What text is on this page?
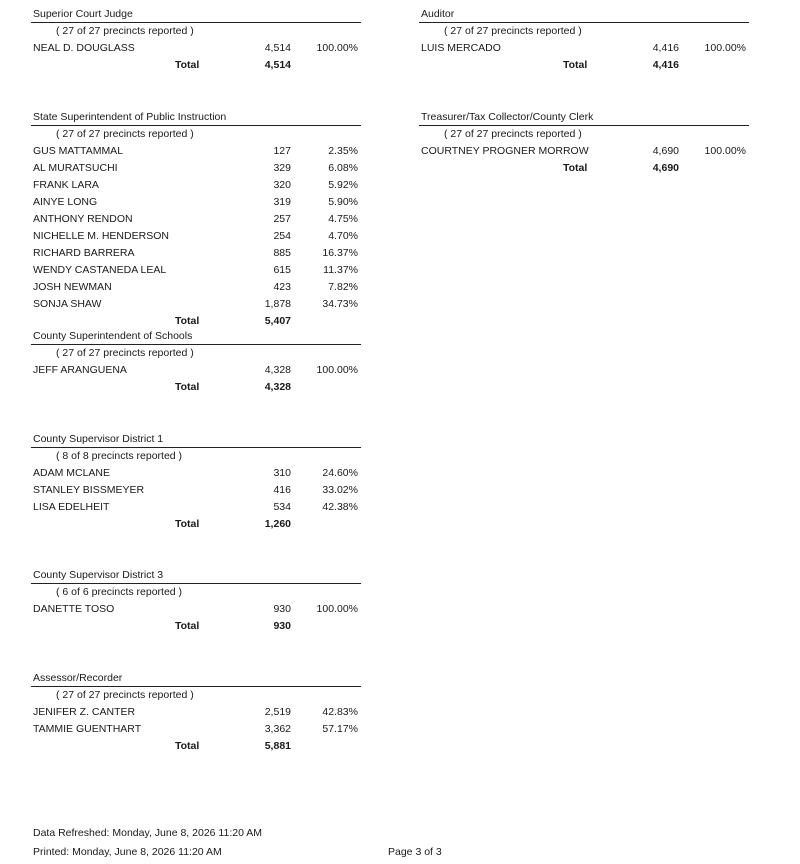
Superior Court Judge
( 27 of 27 precincts reported )
NEAL D. DOUGLASS	4,514 100.00%
Total	4,514
State Superintendent of Public Instruction
( 27 of 27 precincts reported )
GUS MATTAMMAL	127	2.35%
AL MURATSUCHI	329	6.08%
FRANK LARA	320	5.92%
AINYE LONG	319	5.90%
ANTHONY RENDON	257	4.75%
NICHELLE M. HENDERSON	254	4.70%
RICHARD BARRERA	885	16.37%
WENDY CASTANEDA LEAL	615	11.37%
JOSH NEWMAN	423	7.82%
SONJA SHAW	1,878	34.73%
Total	5,407
County Superintendent of Schools
( 27 of 27 precincts reported )
JEFF ARANGUENA	4,328 100.00%
Total	4,328
County Supervisor District 1
( 8 of 8 precincts reported )
ADAM MCLANE	310	24.60%
STANLEY BISSMEYER	416	33.02%
LISA EDELHEIT	534	42.38%
Total	1,260
County Supervisor District 3
( 6 of 6 precincts reported )
DANETTE TOSO	930 100.00%
Total	930
Assessor/Recorder
( 27 of 27 precincts reported )
JENIFER Z. CANTER	2,519	42.83%
TAMMIE GUENTHART	3,362	57.17%
Total	5,881
Auditor
( 27 of 27 precincts reported )
LUIS MERCADO	4,416 100.00%
Total	4,416
Treasurer/Tax Collector/County Clerk
( 27 of 27 precincts reported )
COURTNEY PROGNER MORROW	4,690 100.00%
Total	4,690
Data Refreshed: Monday, June 8, 2026 11:20 AM
Printed: Monday, June 8, 2026 11:20 AM	Page 3 of 3
